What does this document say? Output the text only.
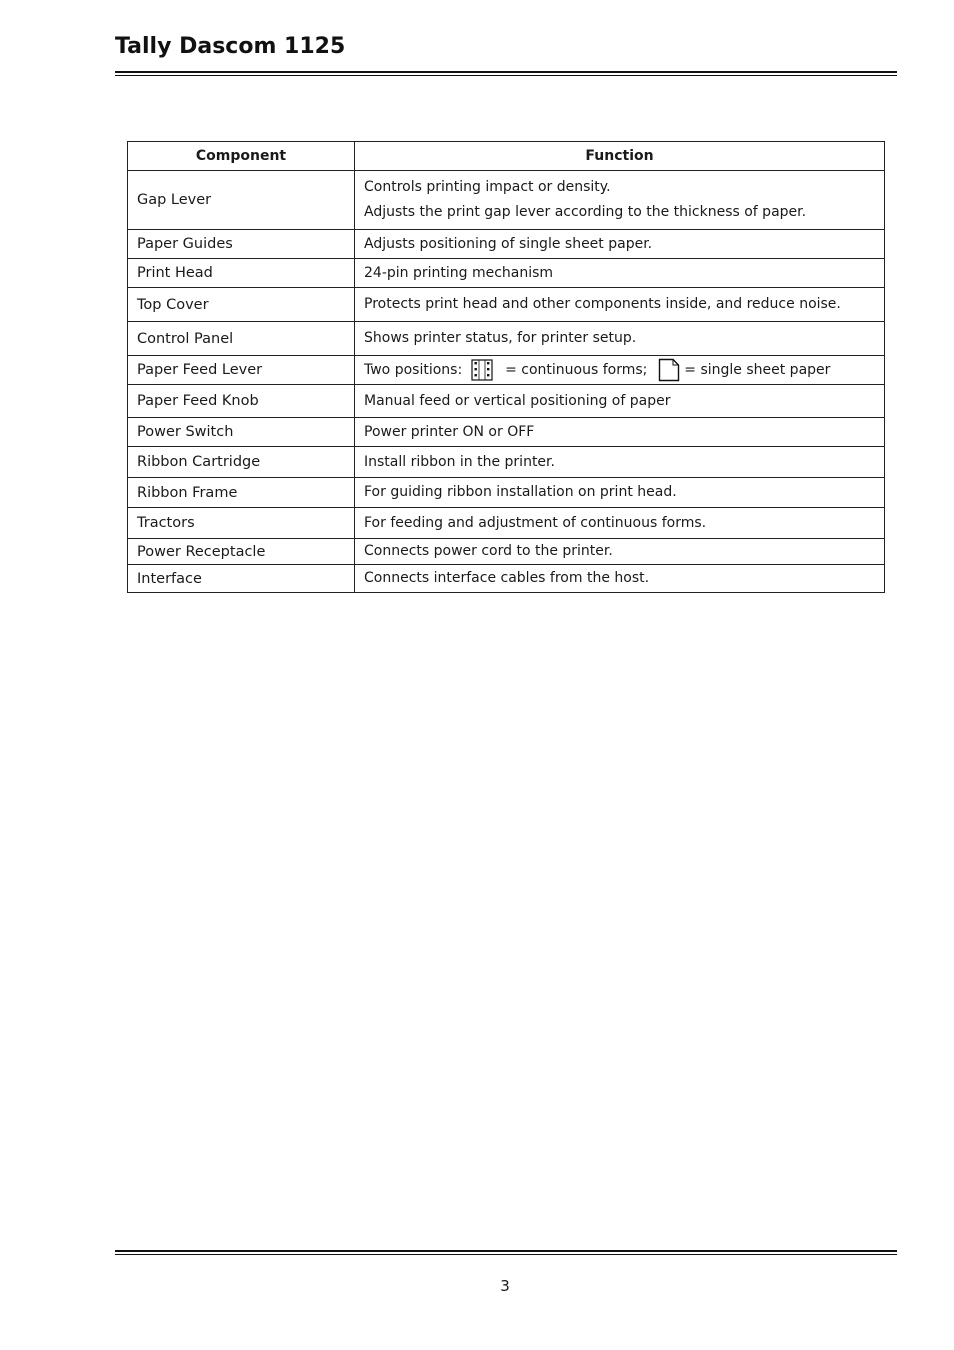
Tally Dascom 1125
Component	Function
Gap Lever	Controls printing impact or density.
Adjusts the print gap lever according to the thickness of paper.

Paper Guides	Adjusts positioning of single sheet paper.
Print Head	24-pin printing mechanism
Top Cover	Protects print head and other components inside, and reduce noise.
Control Panel	Shows printer status, for printer setup.
Paper Feed Lever	Two positions: = continuous forms; = single sheet paper
Paper Feed Knob	Manual feed or vertical positioning of paper
Power Switch	Power printer ON or OFF
Ribbon Cartridge	Install ribbon in the printer.
Ribbon Frame	For guiding ribbon installation on print head.
Tractors	For feeding and adjustment of continuous forms.
Power Receptacle	Connects power cord to the printer.
Interface	Connects interface cables from the host.
3
